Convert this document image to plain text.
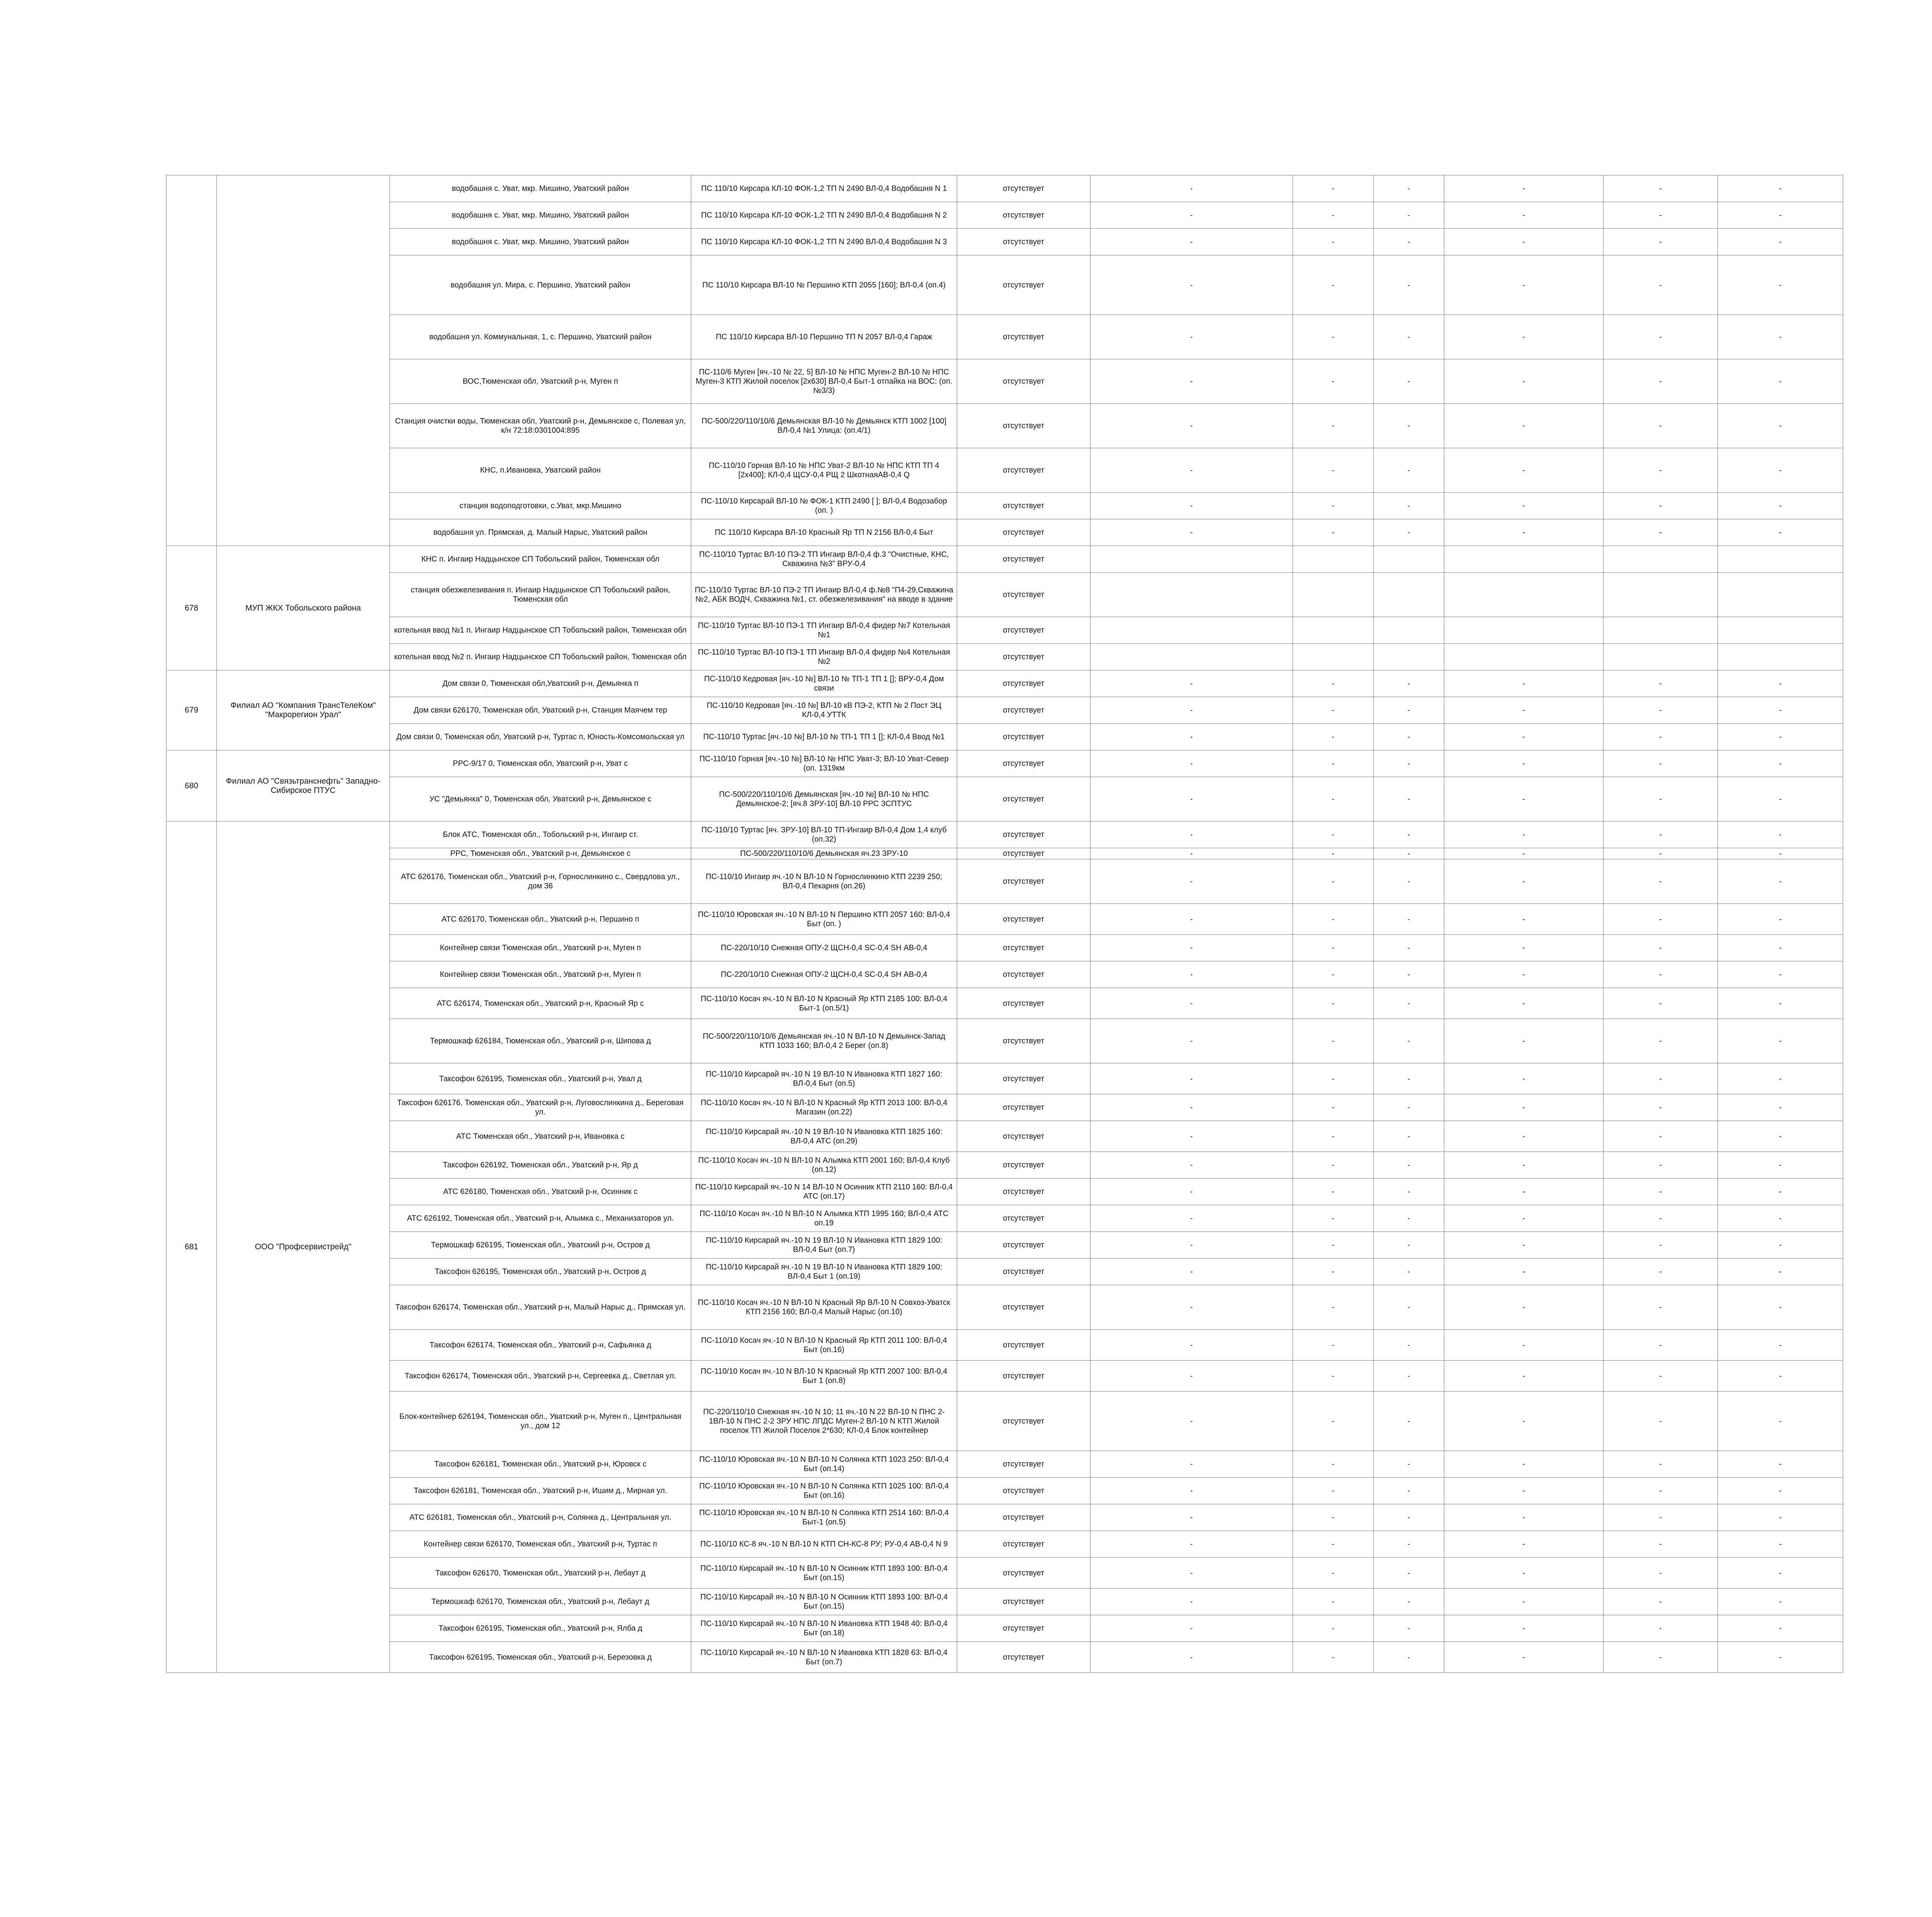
		водобашня с. Уват, мкр. Мишино, Уватский район	ПС 110/10 Кирсара КЛ-10 ФОК-1,2 ТП N 2490 ВЛ-0,4 Водобашня N 1	отсутствует	-	-	-	-	-	-
		водобашня с. Уват, мкр. Мишино, Уватский район	ПС 110/10 Кирсара КЛ-10 ФОК-1,2 ТП N 2490 ВЛ-0,4 Водобашня N 2	отсутствует	-	-	-	-	-	-
		водобашня с. Уват, мкр. Мишино, Уватский район	ПС 110/10 Кирсара КЛ-10 ФОК-1,2 ТП N 2490 ВЛ-0,4 Водобашня N 3	отсутствует	-	-	-	-	-	-
		водобашня ул. Мира, с. Першино, Уватский район	ПС 110/10 Кирсара ВЛ-10 № Першино КТП 2055 [160]; ВЛ-0,4 (оп.4)	отсутствует	-	-	-	-	-	-
		водобашня ул. Коммунальная, 1, с. Першино, Уватский район	ПС 110/10 Кирсара ВЛ-10 Першино ТП N 2057 ВЛ-0,4 Гараж	отсутствует	-	-	-	-	-	-
		ВОС,Тюменская обл, Уватский р-н, Муген п	ПС-110/6 Муген [яч.-10 № 22, 5] ВЛ-10 № НПС Муген-2 ВЛ-10 № НПС Муген-3 КТП Жилой поселок [2х630] ВЛ-0,4 Быт-1 отпайка на ВОС: (оп. №3/3)	отсутствует	-	-	-	-	-	-
		Станция очистки воды, Тюменская обл, Уватский р-н, Демьянское с, Полевая ул, к/н 72:18:0301004:895	ПС-500/220/110/10/6 Демьянская ВЛ-10 № Демьянск КТП 1002 [100] ВЛ-0,4 №1 Улица: (оп.4/1)	отсутствует	-	-	-	-	-	-
		КНС, п.Ивановка, Уватский район	ПС-110/10 Горная ВЛ-10 № НПС Уват-2 ВЛ-10 № НПС КТП ТП 4 [2х400]; КЛ-0,4 ЩСУ-0,4 РЩ 2 ШкотнаяАВ-0,4 Q	отсутствует	-	-	-	-	-	-
		станция водоподготовки, с.Уват, мкр.Мишино	ПС-110/10 Кирсарай ВЛ-10 № ФОК-1 КТП 2490 [ ]; ВЛ-0,4 Водозабор (оп. )	отсутствует	-	-	-	-	-	-
		водобашня ул. Прямская, д. Малый Нарыс, Уватский район	ПС 110/10 Кирсара ВЛ-10 Красный Яр ТП N 2156 ВЛ-0,4 Быт	отсутствует	-	-	-	-	-	-
678	МУП ЖКХ Тобольского района	КНС п. Ингаир Надцынское СП Тобольский район, Тюменская обл	ПС-110/10 Туртас ВЛ-10 ПЭ-2 ТП Ингаир ВЛ-0,4 ф.3 "Очистные, КНС, Скважина №3" ВРУ-0,4	отсутствует						
		станция обезжелезивания п. Ингаир Надцынское СП Тобольский район, Тюменская обл	ПС-110/10 Туртас ВЛ-10 ПЭ-2 ТП Ингаир ВЛ-0,4 ф.№8 "П4-29,Скважина №2, АБК ВОДЧ, Скважина №1, ст. обезжелезивания" на вводе в здание	отсутствует						
		котельная ввод №1 п. Ингаир Надцынское СП Тобольский район, Тюменская обл	ПС-110/10 Туртас ВЛ-10 ПЭ-1 ТП Ингаир ВЛ-0,4 фидер №7 Котельная №1	отсутствует						
		котельная ввод №2 п. Ингаир Надцынское СП Тобольский район, Тюменская обл	ПС-110/10 Туртас ВЛ-10 ПЭ-1 ТП Ингаир ВЛ-0,4 фидер №4 Котельная №2	отсутствует						
679	Филиал АО "Компания ТрансТелеКом" "Макрорегион Урал"	Дом связи 0, Тюменская обл,Уватский р-н, Демьянка п	ПС-110/10 Кедровая [яч.-10 №] ВЛ-10 № ТП-1 ТП 1 []; ВРУ-0,4 Дом связи	отсутствует	-	-	-	-	-	-
		Дом связи 626170, Тюменская обл, Уватский р-н, Станция Маячем тер	ПС-110/10 Кедровая [яч.-10 №] ВЛ-10 кВ ПЭ-2, КТП № 2 Пост ЭЦ КЛ-0,4 УТТК	отсутствует	-	-	-	-	-	-
		Дом связи 0, Тюменская обл, Уватский р-н, Туртас п, Юность-Комсомольская ул	ПС-110/10 Туртас [яч.-10 №] ВЛ-10 № ТП-1 ТП 1 []; КЛ-0,4 Ввод №1	отсутствует	-	-	-	-	-	-
680	Филиал АО "Связьтранснефть" Западно-Сибирское ПТУС	РРС-9/17 0, Тюменская обл, Уватский р-н, Уват с	ПС-110/10 Горная [яч.-10 №] ВЛ-10 № НПС Уват-3; ВЛ-10 Уват-Север (оп. 1319км	отсутствует	-	-	-	-	-	-
		УС "Демьянка" 0, Тюменская обл, Уватский р-н, Демьянское с	ПС-500/220/110/10/6 Демьянская [яч.-10 №] ВЛ-10 № НПС Демьянское-2; [яч.8 ЗРУ-10] ВЛ-10 РРС ЗСПТУС	отсутствует	-	-	-	-	-	-
681	ООО "Профсервистрейд"	Блок АТС, Тюменская обл., Тобольский р-н, Ингаир ст.	ПС-110/10 Туртас [яч. ЗРУ-10] ВЛ-10 ТП-Ингаир ВЛ-0,4 Дом 1,4 клуб (оп.32)	отсутствует	-	-	-	-	-	-
		РРС, Тюменская обл., Уватский р-н, Демьянское с	ПС-500/220/110/10/6 Демьянская яч.23 ЗРУ-10	отсутствует	-	-	-	-	-	-
		АТС 626176, Тюменская обл., Уватский р-н, Горнослинкино с., Свердлова ул., дом 36	ПС-110/10 Ингаир яч.-10 N ВЛ-10 N Горнослинкино КТП 2239 250; ВЛ-0,4 Пекарня (оп.26)	отсутствует	-	-	-	-	-	-
		АТС 626170, Тюменская обл., Уватский р-н, Першино п	ПС-110/10 Юровская яч.-10 N ВЛ-10 N Першино КТП 2057 160: ВЛ-0,4 Быт (оп. )	отсутствует	-	-	-	-	-	-
		Контейнер связи Тюменская обл., Уватский р-н, Муген п	ПС-220/10/10 Снежная ОПУ-2 ЩСН-0,4 SC-0,4 SH АВ-0,4	отсутствует	-	-	-	-	-	-
		Контейнер связи Тюменская обл., Уватский р-н, Муген п	ПС-220/10/10 Снежная ОПУ-2 ЩСН-0,4 SC-0,4 SH АВ-0,4	отсутствует	-	-	-	-	-	-
		АТС 626174, Тюменская обл., Уватский р-н, Красный Яр с	ПС-110/10 Косач яч.-10 N ВЛ-10 N Красный Яр КТП 2185 100: ВЛ-0,4 Быт-1 (оп.5/1)	отсутствует	-	-	-	-	-	-
		Термошкаф 626184, Тюменская обл., Уватский р-н, Шипова д	ПС-500/220/110/10/6 Демьянская яч.-10 N ВЛ-10 N Демьянск-Запад КТП 1033 160; ВЛ-0,4 2 Берег (оп.8)	отсутствует	-	-	-	-	-	-
		Таксофон 626195, Тюменская обл., Уватский р-н, Увал д	ПС-110/10 Кирсарай яч.-10 N 19 ВЛ-10 N Ивановка КТП 1827 160: ВЛ-0,4 Быт (оп.5)	отсутствует	-	-	-	-	-	-
		Таксофон 626176, Тюменская обл., Уватский р-н, Луговослинкина д., Береговая ул.	ПС-110/10 Косач яч.-10 N ВЛ-10 N Красный Яр КТП 2013 100: ВЛ-0,4 Магазин (оп.22)	отсутствует	-	-	-	-	-	-
		АТС Тюменская обл., Уватский р-н, Ивановка с	ПС-110/10 Кирсарай яч.-10 N 19 ВЛ-10 N Ивановка КТП 1825 160: ВЛ-0,4 АТС (оп.29)	отсутствует	-	-	-	-	-	-
		Таксофон 626192, Тюменская обл., Уватский р-н, Яр д	ПС-110/10 Косач яч.-10 N ВЛ-10 N Алымка КТП 2001 160; ВЛ-0,4 Клуб (оп.12)	отсутствует	-	-	-	-	-	-
		АТС 626180, Тюменская обл., Уватский р-н, Осинник с	ПС-110/10 Кирсарай яч.-10 N 14 ВЛ-10 N Осинник КТП 2110 160: ВЛ-0,4 АТС (оп.17)	отсутствует	-	-	-	-	-	-
		АТС 626192, Тюменская обл., Уватский р-н, Алымка с., Механизаторов ул.	ПС-110/10 Косач яч.-10 N ВЛ-10 N Алымка КТП 1995 160; ВЛ-0,4 АТС оп.19	отсутствует	-	-	-	-	-	-
		Термошкаф 626195, Тюменская обл., Уватский р-н, Остров д	ПС-110/10 Кирсарай яч.-10 N 19 ВЛ-10 N Ивановка КТП 1829 100: ВЛ-0,4 Быт (оп.7)	отсутствует	-	-	-	-	-	-
		Таксофон 626195, Тюменская обл., Уватский р-н, Остров д	ПС-110/10 Кирсарай яч.-10 N 19 ВЛ-10 N Ивановка КТП 1829 100: ВЛ-0,4 Быт 1 (оп.19)	отсутствует	-	-	-	-	-	-
		Таксофон 626174, Тюменская обл., Уватский р-н, Малый Нарыс д., Прямская ул.	ПС-110/10 Косач яч.-10 N ВЛ-10 N Красный Яр ВЛ-10 N Совхоз-Уватск КТП 2156 160; ВЛ-0,4 Малый Нарыс (оп.10)	отсутствует	-	-	-	-	-	-
		Таксофон 626174, Тюменская обл., Уватский р-н, Сафьянка д	ПС-110/10 Косач яч.-10 N ВЛ-10 N Красный Яр КТП 2011 100: ВЛ-0,4 Быт (оп.16)	отсутствует	-	-	-	-	-	-
		Таксофон 626174, Тюменская обл., Уватский р-н, Сергеевка д., Светлая ул.	ПС-110/10 Косач яч.-10 N ВЛ-10 N Красный Яр КТП 2007 100: ВЛ-0,4 Быт 1 (оп.8)	отсутствует	-	-	-	-	-	-
		Блок-контейнер 626194, Тюменская обл., Уватский р-н, Муген п., Центральная ул., дом 12	ПС-220/110/10 Снежная яч.-10 N 10; 11 яч.-10 N 22 ВЛ-10 N ПНС 2-1ВЛ-10 N ПНС 2-2 ЗРУ НПС ЛПДС Муген-2 ВЛ-10 N КТП Жилой поселок ТП Жилой Поселок 2*630; КЛ-0,4 Блок контейнер	отсутствует	-	-	-	-	-	-
		Таксофон 626181, Тюменская обл., Уватский р-н, Юровск с	ПС-110/10 Юровская яч.-10 N ВЛ-10 N Солянка КТП 1023 250: ВЛ-0,4 Быт (оп.14)	отсутствует	-	-	-	-	-	-
		Таксофон 626181, Тюменская обл., Уватский р-н, Ишим д., Мирная ул.	ПС-110/10 Юровская яч.-10 N ВЛ-10 N Солянка КТП 1025 100: ВЛ-0,4 Быт (оп.16)	отсутствует	-	-	-	-	-	-
		АТС 626181, Тюменская обл., Уватский р-н, Солянка д., Центральная ул.	ПС-110/10 Юровская яч.-10 N ВЛ-10 N Солянка КТП 2514 160: ВЛ-0,4 Быт-1 (оп.5)	отсутствует	-	-	-	-	-	-
		Контейнер связи 626170, Тюменская обл., Уватский р-н, Туртас п	ПС-110/10 КС-8 яч.-10 N ВЛ-10 N КТП СН-КС-8 РУ; РУ-0,4 АВ-0,4 N 9	отсутствует	-	-	-	-	-	-
		Таксофон 626170, Тюменская обл., Уватский р-н, Лебаут д	ПС-110/10 Кирсарай яч.-10 N ВЛ-10 N Осинник КТП 1893 100: ВЛ-0,4 Быт (оп.15)	отсутствует	-	-	-	-	-	-
		Термошкаф 626170, Тюменская обл., Уватский р-н, Лебаут д	ПС-110/10 Кирсарай яч.-10 N ВЛ-10 N Осинник КТП 1893 100: ВЛ-0,4 Быт (оп.15)	отсутствует	-	-	-	-	-	-
		Таксофон 626195, Тюменская обл., Уватский р-н, Ялба д	ПС-110/10 Кирсарай яч.-10 N ВЛ-10 N Ивановка КТП 1948 40: ВЛ-0,4 Быт (оп.18)	отсутствует	-	-	-	-	-	-
		Таксофон 626195, Тюменская обл., Уватский р-н, Березовка д	ПС-110/10 Кирсарай яч.-10 N ВЛ-10 N Ивановка КТП 1828 63: ВЛ-0,4 Быт (оп.7)	отсутствует	-	-	-	-	-	-
